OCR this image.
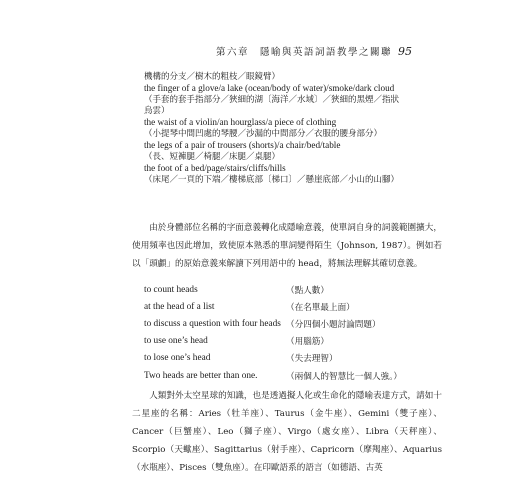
第六章　隱喻與英語詞語教學之關聯 95

機構的分支／樹木的粗枝／眼鏡臂）

the finger of a glove/a lake (ocean/body of water)/smoke/dark cloud

（手套的套手指部分／狹細的湖〔海洋／水域〕／狹細的黑煙／指狀

烏雲）

the waist of a violin/an hourglass/a piece of clothing

（小提琴中間凹處的琴腰／沙漏的中間部分／衣服的腰身部分）

the legs of a pair of trousers (shorts)/a chair/bed/table

（長、短褲腿／椅腿／床腿／桌腿）

the foot of a bed/page/stairs/cliffs/hills

（床尾／一頁的下端／樓梯底部〔梯口〕／懸崖底部／小山的山腳）

由於身體部位名稱的字面意義轉化成隱喻意義，使單詞自身的詞義範圍擴大，使用頻率也因此增加，致使原本熟悉的單詞變得陌生（Johnson, 1987）。例如若以「頭顱」的原始意義來解讀下列用語中的 head，將無法理解其確切意義。

to count heads	（點人數）
at the head of a list	（在名單最上面）
to discuss a question with four heads （分四個小題討論問題）
to use one’s head	（用腦筋）
to lose one’s head	（失去理智）
Two heads are better than one.	（兩個人的智慧比一個人強。）

人類對外太空星球的知識，也是透過擬人化或生命化的隱喻表達方式，請如十二星座的名稱：Aries（牡羊座）、Taurus（金牛座）、Gemini（雙子座）、Cancer（巨蟹座）、Leo（獅子座）、Virgo（處女座）、Libra（天秤座）、Scorpio（天蠍座）、Sagittarius（射手座）、Capricorn（摩羯座）、Aquarius（水瓶座）、Pisces（雙魚座）。在印歐語系的語言（如德語、古英
